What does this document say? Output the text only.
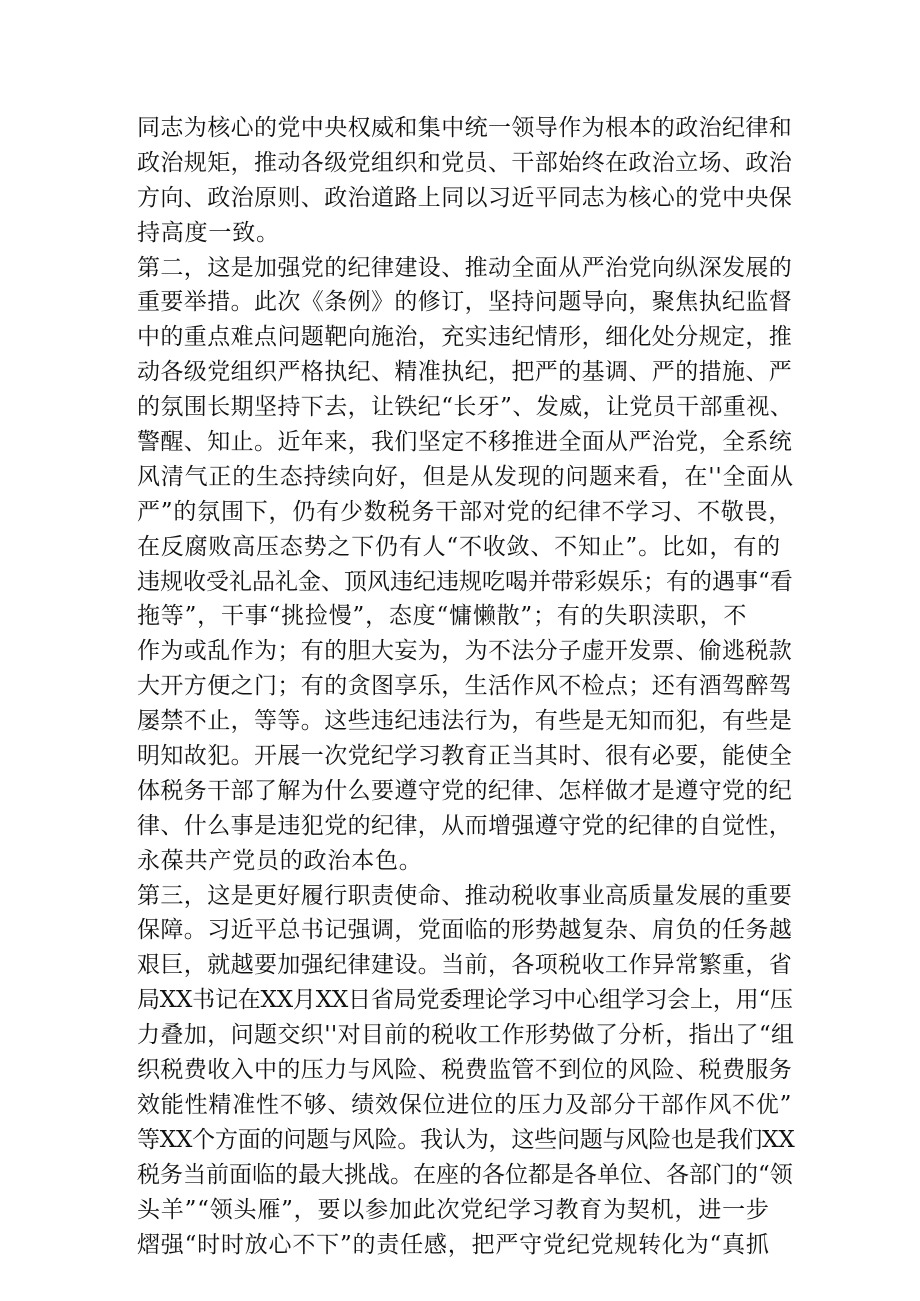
同志为核心的党中央权威和集中统一领导作为根本的政治纪律和
政治规矩，推动各级党组织和党员、干部始终在政治立场、政治
方向、政治原则、政治道路上同以习近平同志为核心的党中央保
持高度一致。
第二，这是加强党的纪律建设、推动全面从严治党向纵深发展的
重要举措。此次《条例》的修订，坚持问题导向，聚焦执纪监督
中的重点难点问题靶向施治，充实违纪情形，细化处分规定，推
动各级党组织严格执纪、精准执纪，把严的基调、严的措施、严
的氛围长期坚持下去，让铁纪“长牙”、发威，让党员干部重视、
警醒、知止。近年来，我们坚定不移推进全面从严治党，全系统
风清气正的生态持续向好，但是从发现的问题来看，在''全面从
严”的氛围下，仍有少数税务干部对党的纪律不学习、不敬畏，
在反腐败高压态势之下仍有人“不收敛、不知止”。比如，有的
违规收受礼品礼金、顶风违纪违规吃喝并带彩娱乐；有的遇事“看
拖等”，干事“挑捡慢”，态度“慵懒散”；有的失职渎职，不
作为或乱作为；有的胆大妄为，为不法分子虚开发票、偷逃税款
大开方便之门；有的贪图享乐，生活作风不检点；还有酒驾醉驾
屡禁不止，等等。这些违纪违法行为，有些是无知而犯，有些是
明知故犯。开展一次党纪学习教育正当其时、很有必要，能使全
体税务干部了解为什么要遵守党的纪律、怎样做才是遵守党的纪
律、什么事是违犯党的纪律，从而增强遵守党的纪律的自觉性，
永葆共产党员的政治本色。
第三，这是更好履行职责使命、推动税收事业高质量发展的重要
保障。习近平总书记强调，党面临的形势越复杂、肩负的任务越
艰巨，就越要加强纪律建设。当前，各项税收工作异常繁重，省
局XX书记在XX月XX日省局党委理论学习中心组学习会上，用“压
力叠加，问题交织''对目前的税收工作形势做了分析，指出了“组
织税费收入中的压力与风险、税费监管不到位的风险、税费服务
效能性精准性不够、绩效保位进位的压力及部分干部作风不优”
等XX个方面的问题与风险。我认为，这些问题与风险也是我们XX
税务当前面临的最大挑战。在座的各位都是各单位、各部门的“领
头羊”“领头雁”，要以参加此次党纪学习教育为契机，进一步
熠强“时时放心不下”的责任感，把严守党纪党规转化为“真抓
